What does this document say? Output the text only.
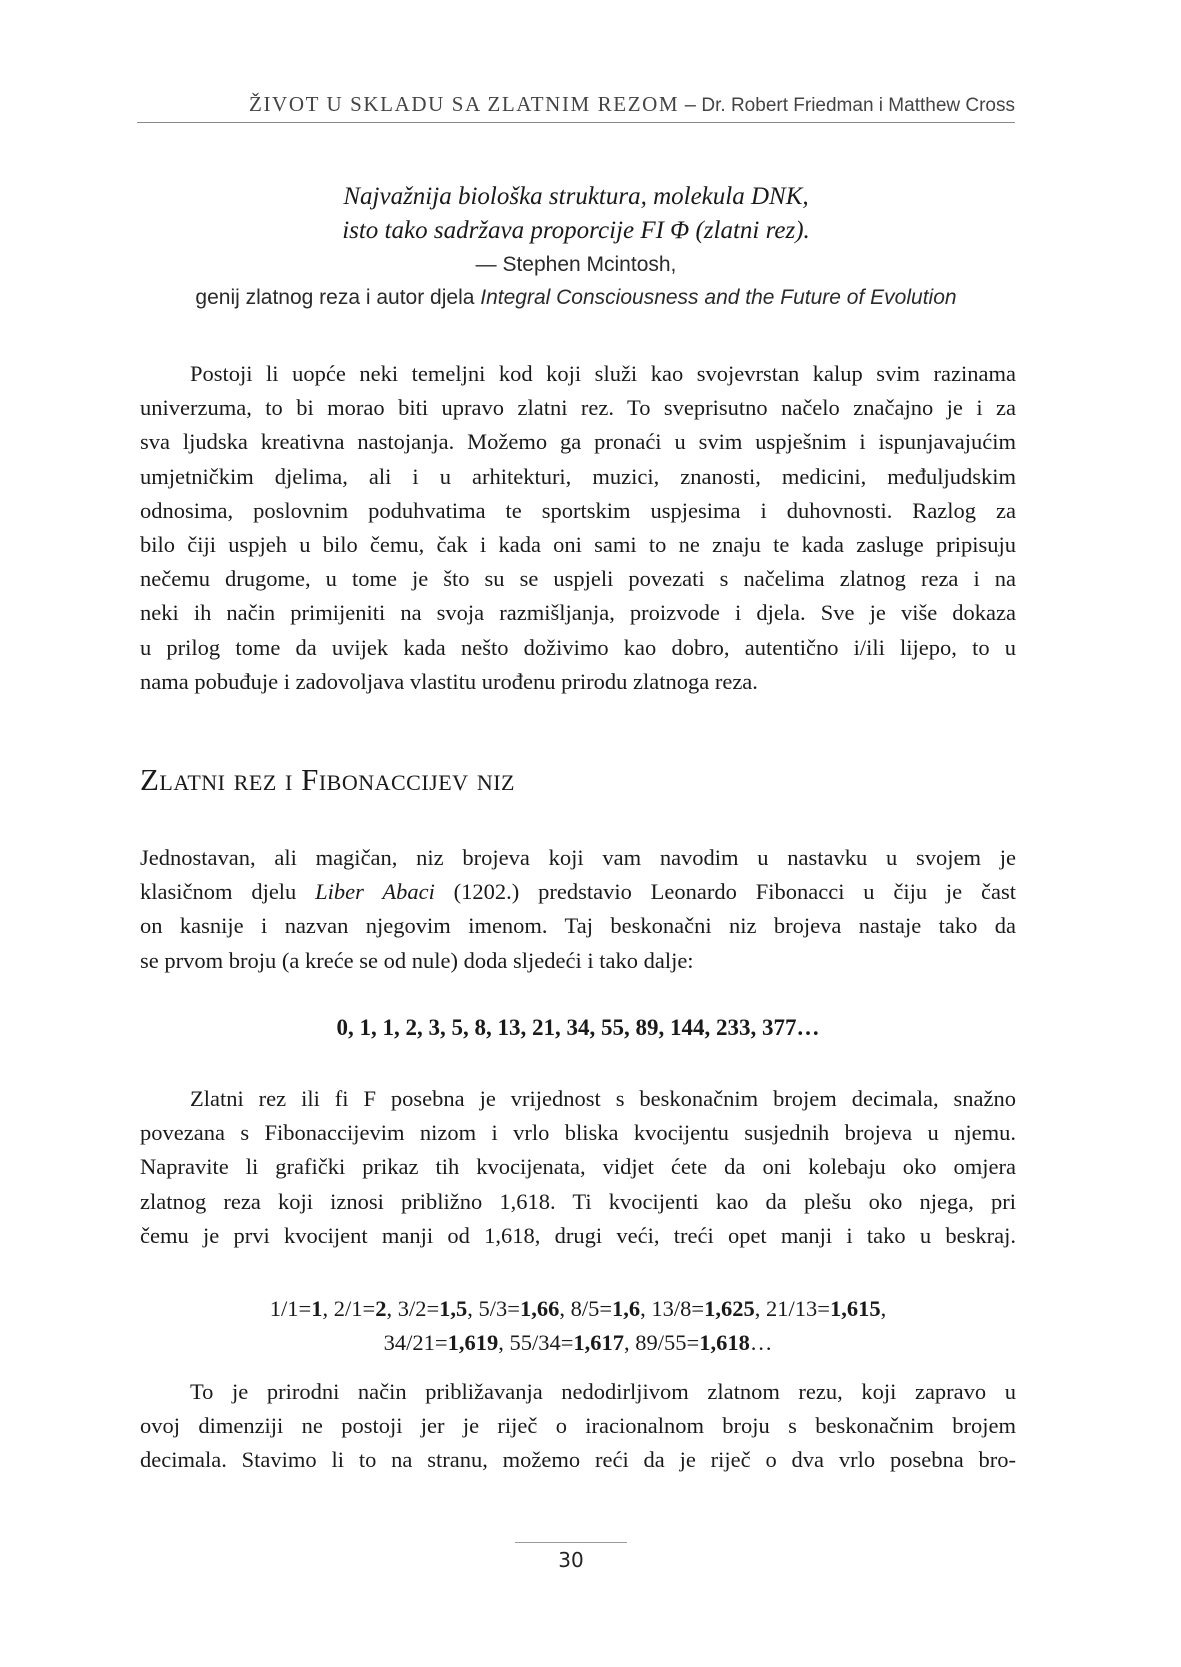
ŽIVOT U SKLADU SA ZLATNIM REZOM – Dr. Robert Friedman i Matthew Cross
Najvažnija biološka struktura, molekula DNK,
isto tako sadržava proporcije FI Φ (zlatni rez).
— Stephen Mcintosh,
genij zlatnog reza i autor djela Integral Consciousness and the Future of Evolution
Postoji li uopće neki temeljni kod koji služi kao svojevrstan kalup svim razinama
univerzuma, to bi morao biti upravo zlatni rez. To sveprisutno načelo značajno je i za
sva ljudska kreativna nastojanja. Možemo ga pronaći u svim uspješnim i ispunjavajućim
umjetničkim djelima, ali i u arhitekturi, muzici, znanosti, medicini, međuljudskim
odnosima, poslovnim poduhvatima te sportskim uspjesima i duhovnosti. Razlog za
bilo čiji uspjeh u bilo čemu, čak i kada oni sami to ne znaju te kada zasluge pripisuju
nečemu drugome, u tome je što su se uspjeli povezati s načelima zlatnog reza i na
neki ih način primijeniti na svoja razmišljanja, proizvode i djela. Sve je više dokaza
u prilog tome da uvijek kada nešto doživimo kao dobro, autentično i/ili lijepo, to u
nama pobuđuje i zadovoljava vlastitu urođenu prirodu zlatnoga reza.
Zlatni rez i Fibonaccijev niz
Jednostavan, ali magičan, niz brojeva koji vam navodim u nastavku u svojem je
klasičnom djelu Liber Abaci (1202.) predstavio Leonardo Fibonacci u čiju je čast
on kasnije i nazvan njegovim imenom. Taj beskonačni niz brojeva nastaje tako da
se prvom broju (a kreće se od nule) doda sljedeći i tako dalje:
0, 1, 1, 2, 3, 5, 8, 13, 21, 34, 55, 89, 144, 233, 377…
Zlatni rez ili fi F posebna je vrijednost s beskonačnim brojem decimala, snažno
povezana s Fibonaccijevim nizom i vrlo bliska kvocijentu susjednih brojeva u njemu.
Napravite li grafički prikaz tih kvocijenata, vidjet ćete da oni kolebaju oko omjera
zlatnog reza koji iznosi približno 1,618. Ti kvocijenti kao da plešu oko njega, pri
čemu je prvi kvocijent manji od 1,618, drugi veći, treći opet manji i tako u beskraj.
1/1=1, 2/1=2, 3/2=1,5, 5/3=1,66, 8/5=1,6, 13/8=1,625, 21/13=1,615,
34/21=1,619, 55/34=1,617, 89/55=1,618…
To je prirodni način približavanja nedodirljivom zlatnom rezu, koji zapravo u
ovoj dimenziji ne postoji jer je riječ o iracionalnom broju s beskonačnim brojem
decimala. Stavimo li to na stranu, možemo reći da je riječ o dva vrlo posebna bro-
30
